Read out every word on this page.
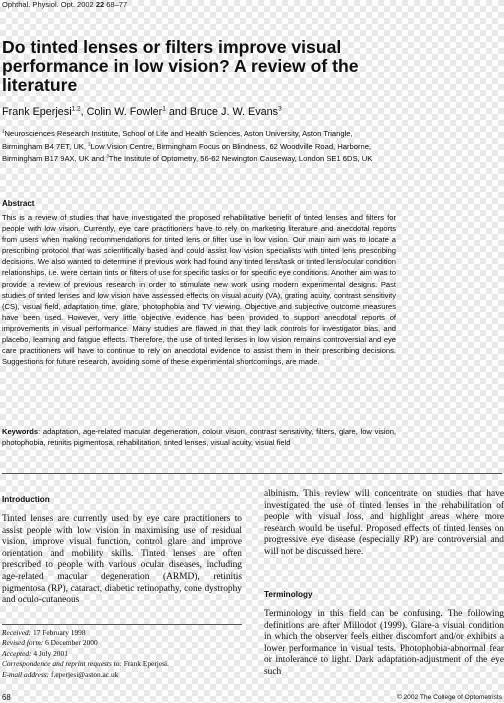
Ophthal. Physiol. Opt. 2002 22 68–77
Do tinted lenses or filters improve visual performance in low vision? A review of the literature
Frank Eperjesi$^{1,2}$, Colin W. Fowler$^1$ and Bruce J. W. Evans$^3$
$^1$Neurosciences Research Institute, School of Life and Health Sciences, Aston University, Aston Triangle, Birmingham B4 7ET, UK, $^2$Low Vision Centre, Birmingham Focus on Blindness, 62 Woodville Road, Harborne, Birmingham B17 9AX, UK and $^3$The Institute of Optometry, 56-62 Newington Causeway, London SE1 6DS, UK
Abstract
This is a review of studies that have investigated the proposed rehabilitative benefit of tinted lenses and filters for people with low vision. Currently, eye care practitioners have to rely on marketing literature and anecdotal reports from users when making recommendations for tinted lens or filter use in low vision. Our main aim was to locate a prescribing protocol that was scientifically based and could assist low vision specialists with tinted lens prescribing decisions. We also wanted to determine if previous work had found any tinted lens/task or tinted lens/ocular condition relationships, i.e. were certain tints or filters of use for specific tasks or for specific eye conditions. Another aim was to provide a review of previous research in order to stimulate new work using modern experimental designs. Past studies of tinted lenses and low vision have assessed effects on visual acuity (VA), grating acuity, contrast sensitivity (CS), visual field, adaptation time, glare, photophobia and TV viewing. Objective and subjective outcome measures have been used. However, very little objective evidence has been provided to support anecdotal reports of improvements in visual performance. Many studies are flawed in that they lack controls for investigator bias, and placebo, learning and fatigue effects. Therefore, the use of tinted lenses in low vision remains controversial and eye care practitioners will have to continue to rely on anecdotal evidence to assist them in their prescribing decisions. Suggestions for future research, avoiding some of these experimental shortcomings, are made.
Keywords: adaptation, age-related macular degeneration, colour vision, contrast sensitivity, filters, glare, low vision, photophobia, retinitis pigmentosa, rehabilitation, tinted lenses, visual acuity, visual field
Introduction
Tinted lenses are currently used by eye care practitioners to assist people with low vision in maximising use of residual vision, improve visual function, control glare and improve orientation and mobility skills. Tinted lenses are often prescribed to people with various ocular diseases, including age-related macular degeneration (ARMD), retinitis pigmentosa (RP), cataract, diabetic retinopathy, cone dystrophy and oculo-cutaneous
Received: 17 February 1998
Revised form: 6 December 2000
Accepted: 4 July 2001
Correspondence and reprint requests to: Frank Eperjesi.
E-mail address: f.eperjesi@aston.ac.uk
albinism. This review will concentrate on studies that have investigated the use of tinted lenses in the rehabilitation of people with visual loss, and highlight areas where more research would be useful. Proposed effects of tinted lenses on progressive eye disease (especially RP) are controversial and will not be discussed here.
Terminology
Terminology in this field can be confusing. The following definitions are after Millodot (1999). Glare-a visual condition in which the observer feels either discomfort and/or exhibits a lower performance in visual tests. Photophobia-abnormal fear or intolerance to light. Dark adaptation-adjustment of the eye such
68	© 2002 The College of Optometrists
